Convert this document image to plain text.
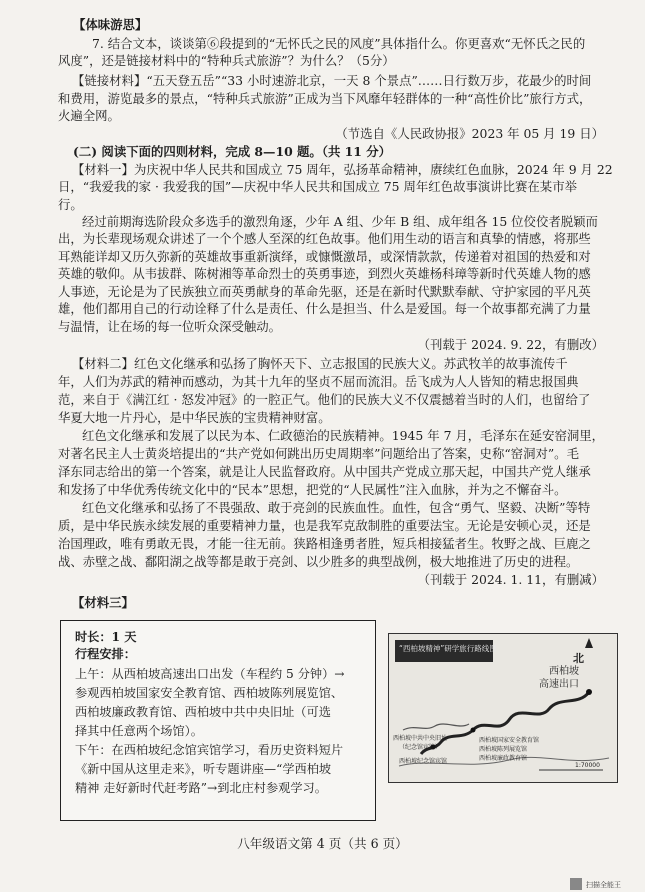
【体味游思】
7. 结合文本，谈谈第⑥段提到的“无怀氏之民的风度”具体指什么。你更喜欢“无怀氏之民的
风度”，还是链接材料中的“特种兵式旅游”？为什么？（5分）
【链接材料】“五天登五岳”“33 小时速游北京，一天 8 个景点”……日行数万步，花最少的时间
和费用，游览最多的景点，“特种兵式旅游”正成为当下风靡年轻群体的一种“高性价比”旅行方式，
火遍全网。
（节选自《人民政协报》2023 年 05 月 19 日）
(二) 阅读下面的四则材料，完成 8—10 题。（共 11 分）
【材料一】为庆祝中华人民共和国成立 75 周年，弘扬革命精神，赓续红色血脉，2024 年 9 月 22
日，“我爱我的家 · 我爱我的国”—庆祝中华人民共和国成立 75 周年红色故事演讲比赛在某市举
行。
经过前期海选阶段众多选手的激烈角逐，少年 A 组、少年 B 组、成年组各 15 位佼佼者脱颖而
出，为长辈现场观众讲述了一个个感人至深的红色故事。他们用生动的语言和真挚的情感，将那些
耳熟能详却又历久弥新的英雄故事重新演绎，或慷慨激昂，或深情款款，传递着对祖国的热爱和对
英雄的敬仰。从韦拔群、陈树湘等革命烈士的英勇事迹，到烈火英雄杨科璋等新时代英雄人物的感
人事迹，无论是为了民族独立而英勇献身的革命先驱，还是在新时代默默奉献、守护家园的平凡英
雄，他们都用自己的行动诠释了什么是责任、什么是担当、什么是爱国。每一个故事都充满了力量
与温情，让在场的每一位听众深受触动。
（刊载于 2024. 9. 22，有删改）
【材料二】红色文化继承和弘扬了胸怀天下、立志报国的民族大义。苏武牧羊的故事流传千
年，人们为苏武的精神而感动，为其十九年的坚贞不屈而流泪。岳飞成为人人皆知的精忠报国典
范，来自于《满江红 · 怒发冲冠》的一腔正气。他们的民族大义不仅震撼着当时的人们，也留给了
华夏大地一片丹心，是中华民族的宝贵精神财富。
红色文化继承和发展了以民为本、仁政德治的民族精神。1945 年 7 月，毛泽东在延安窑洞里，
对著名民主人士黄炎培提出的“共产党如何跳出历史周期率”问题给出了答案，史称“窑洞对”。毛
泽东同志给出的第一个答案，就是让人民监督政府。从中国共产党成立那天起，中国共产党人继承
和发扬了中华优秀传统文化中的“民本”思想，把党的“人民属性”注入血脉，并为之不懈奋斗。
红色文化继承和弘扬了不畏强敌、敢于亮剑的民族血性。血性，包含“勇气、坚毅、决断”等特
质，是中华民族永续发展的重要精神力量，也是我军克敌制胜的重要法宝。无论是安顿心灵，还是
治国理政，唯有勇敢无畏，才能一往无前。狭路相逢勇者胜，短兵相接猛者生。牧野之战、巨鹿之
战、赤壁之战、鄱阳湖之战等都是敢于亮剑、以少胜多的典型战例，极大地推进了历史的进程。
（刊载于 2024. 1. 11，有删减）
【材料三】
时长：1 天
行程安排：
上午：从西柏坡高速出口出发（车程约 5 分钟）→
参观西柏坡国家安全教育馆、西柏坡陈列展览馆、
西柏坡廉政教育馆、西柏坡中共中央旧址（可选
择其中任意两个场馆）。
下午：在西柏坡纪念馆宾馆学习，看历史资料短片
《新中国从这里走来》，听专题讲座—“学西柏坡
精神 走好新时代赶考路”→到北庄村参观学习。
“西柏坡精神”研学旅行路线图
北
西柏坡
高速出口
西柏坡中共中央旧址
（纪念馆宾馆）
西柏坡纪念馆宾馆
西柏坡国家安全教育馆
西柏坡陈列展览馆
西柏坡廉政教育馆
1:70000
八年级语文第 4 页（共 6 页）
扫描全能王
